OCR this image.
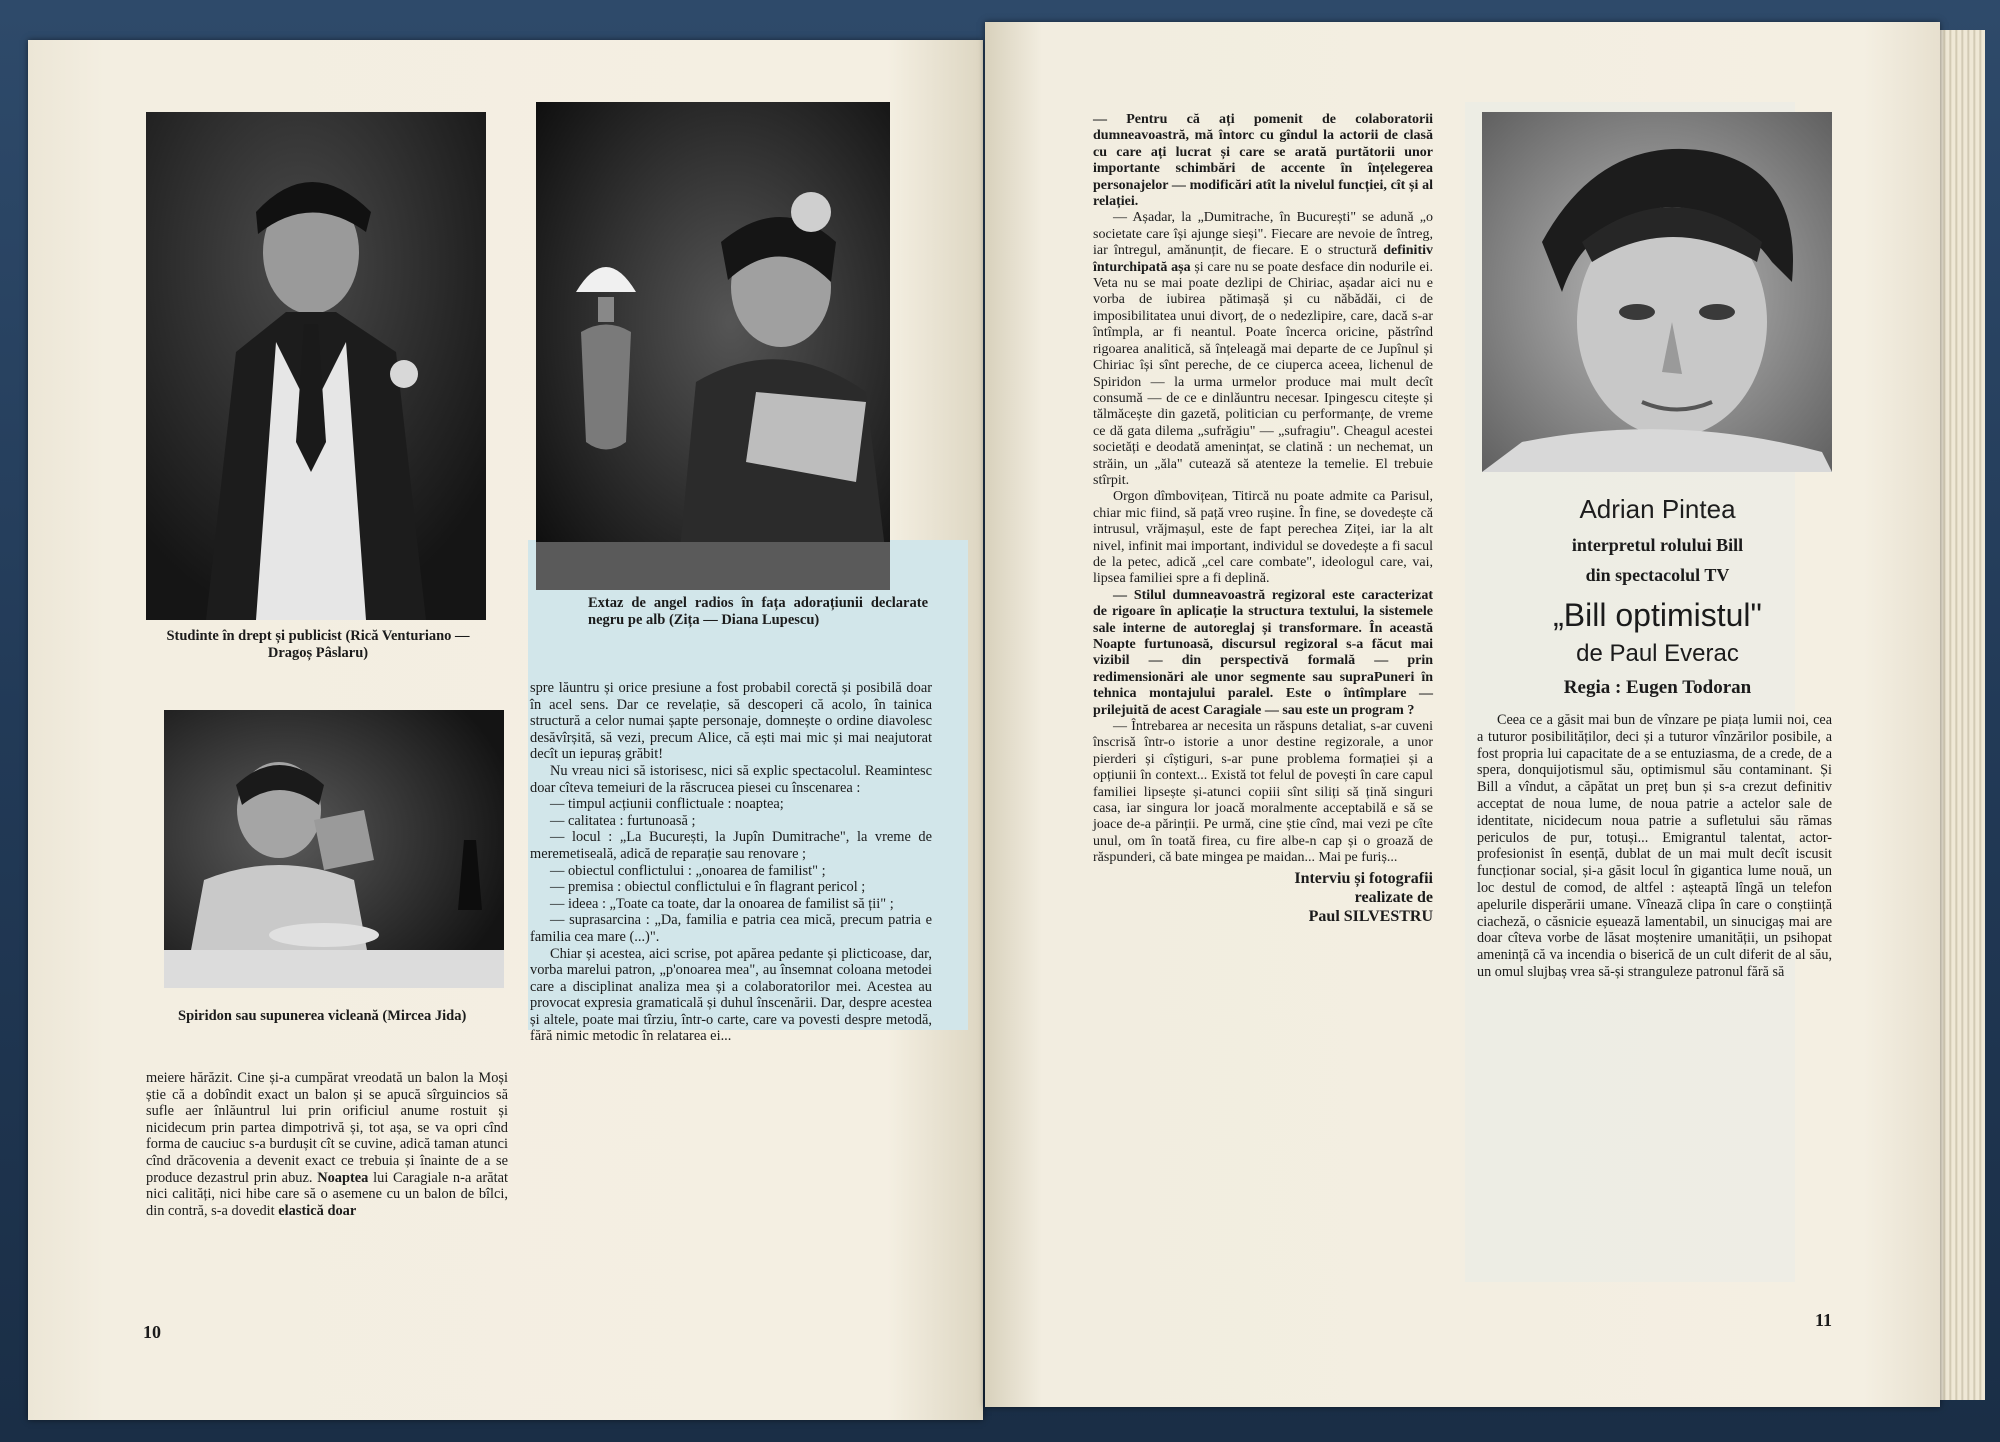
Studinte în drept și publicist (Rică Venturiano — Dragoș Pâslaru)
Extaz de angel radios în fața adorațiunii declarate negru pe alb (Zița — Diana Lupescu)
Spiridon sau supunerea vicleană (Mircea Jida)
meiere hărăzit. Cine și-a cumpărat vreodată un balon la Moși știe că a dobîndit exact un balon și se apucă sîrguincios să sufle aer înlăuntrul lui prin orificiul anume rostuit și nicidecum prin partea dimpotrivă și, tot așa, se va opri cînd forma de cauciuc s-a burdușit cît se cuvine, adică taman atunci cînd drăcovenia a devenit exact ce trebuia și înainte de a se produce dezastrul prin abuz. Noaptea lui Caragiale n-a arătat nici calități, nici hibe care să o asemene cu un balon de bîlci, din contră, s-a dovedit elastică doar

spre lăuntru și orice presiune a fost probabil corectă și posibilă doar în acel sens. Dar ce revelație, să descoperi că acolo, în tainica structură a celor numai șapte personaje, domnește o ordine diavolesc desăvîrșită, să vezi, precum Alice, că ești mai mic și mai neajutorat decît un iepuraș grăbit!

Nu vreau nici să istorisesc, nici să explic spectacolul. Reamintesc doar cîteva temeiuri de la răscrucea piesei cu înscenarea :

— timpul acțiunii conflictuale : noaptea;

— calitatea : furtunoasă ;

— locul : „La București, la Jupîn Dumitrache", la vreme de meremetiseală, adică de reparație sau renovare ;

— obiectul conflictului : „onoarea de familist" ;

— premisa : obiectul conflictului e în flagrant pericol ;

— ideea : „Toate ca toate, dar la onoarea de familist să ții" ;

— suprasarcina : „Da, familia e patria cea mică, precum patria e familia cea mare (...)".

Chiar și acestea, aici scrise, pot apărea pedante și plicticoase, dar, vorba marelui patron, „p'onoarea mea", au însemnat coloana metodei care a disciplinat analiza mea și a colaboratorilor mei. Acestea au provocat expresia gramaticală și duhul înscenării. Dar, despre acestea și altele, poate mai tîrziu, într-o carte, care va povesti despre metodă, fără nimic metodic în relatarea ei...

10

— Pentru că ați pomenit de colaboratorii dumneavoastră, mă întorc cu gîndul la actorii de clasă cu care ați lucrat și care se arată purtătorii unor importante schimbări de accente în înțelegerea personajelor — modificări atît la nivelul funcției, cît și al relației.

— Așadar, la „Dumitrache, în București" se adună „o societate care își ajunge sieși". Fiecare are nevoie de întreg, iar întregul, amănunțit, de fiecare. E o structură definitiv înturchipată așa și care nu se poate desface din nodurile ei. Veta nu se mai poate dezlipi de Chiriac, așadar aici nu e vorba de iubirea pătimașă și cu năbădăi, ci de imposibilitatea unui divorț, de o nedezlipire, care, dacă s-ar întîmpla, ar fi neantul. Poate încerca oricine, păstrînd rigoarea analitică, să înțeleagă mai departe de ce Jupînul și Chiriac își sînt pereche, de ce ciuperca aceea, lichenul de Spiridon — la urma urmelor produce mai mult decît consumă — de ce e dinlăuntru necesar. Ipingescu citește și tălmăcește din gazetă, politician cu performanțe, de vreme ce dă gata dilema „sufrăgiu" — „sufragiu". Cheagul acestei societăți e deodată amenințat, se clatină : un nechemat, un străin, un „ăla" cutează să atenteze la temelie. El trebuie stîrpit.

Orgon dîmbovițean, Titircă nu poate admite ca Parisul, chiar mic fiind, să pață vreo rușine. În fine, se dovedește că intrusul, vrăjmașul, este de fapt perechea Ziței, iar la alt nivel, infinit mai important, individul se dovedește a fi sacul de la petec, adică „cel care combate", ideologul care, vai, lipsea familiei spre a fi deplină.

— Stilul dumneavoastră regizoral este caracterizat de rigoare în aplicație la structura textului, la sistemele sale interne de autoreglaj și transformare. În această Noapte furtunoasă, discursul regizoral s-a făcut mai vizibil — din perspectivă formală — prin redimensionări ale unor segmente sau supraPuneri în tehnica montajului paralel. Este o întîmplare —prilejuită de acest Caragiale — sau este un program ?

— Întrebarea ar necesita un răspuns detaliat, s-ar cuveni înscrisă într-o istorie a unor destine regizorale, a unor pierderi și cîștiguri, s-ar pune problema formației și a opțiunii în context... Există tot felul de povești în care capul familiei lipsește și-atunci copiii sînt siliți să țină singuri casa, iar singura lor joacă moralmente acceptabilă e să se joace de-a părinții. Pe urmă, cine știe cînd, mai vezi pe cîte unul, om în toată firea, cu fire albe-n cap și o groază de răspunderi, că bate mingea pe maidan... Mai pe furiș...

Interviu și fotografii

realizate de

Paul SILVESTRU

Adrian Pintea
interpretul rolului Bill
din spectacolul TV
„Bill optimistul"
de Paul Everac
Regia : Eugen Todoran
Ceea ce a găsit mai bun de vînzare pe piața lumii noi, cea a tuturor posibilităților, deci și a tuturor vînzărilor posibile, a fost propria lui capacitate de a se entuziasma, de a crede, de a spera, donquijotismul său, optimismul său contaminant. Și Bill a vîndut, a căpătat un preț bun și s-a crezut definitiv acceptat de noua lume, de noua patrie a actelor sale de identitate, nicidecum noua patrie a sufletului său rămas periculos de pur, totuși... Emigrantul talentat, actor-profesionist în esență, dublat de un mai mult decît iscusit funcționar social, și-a găsit locul în gigantica lume nouă, un loc destul de comod, de altfel : așteaptă lîngă un telefon apelurile disperării umane. Vînează clipa în care o conștiință ciacheză, o căsnicie eșuează lamentabil, un sinucigaș mai are doar cîteva vorbe de lăsat moștenire umanității, un psihopat amenință că va incendia o biserică de un cult diferit de al său, un omul slujbaș vrea să-și stranguleze patronul fără să
11
